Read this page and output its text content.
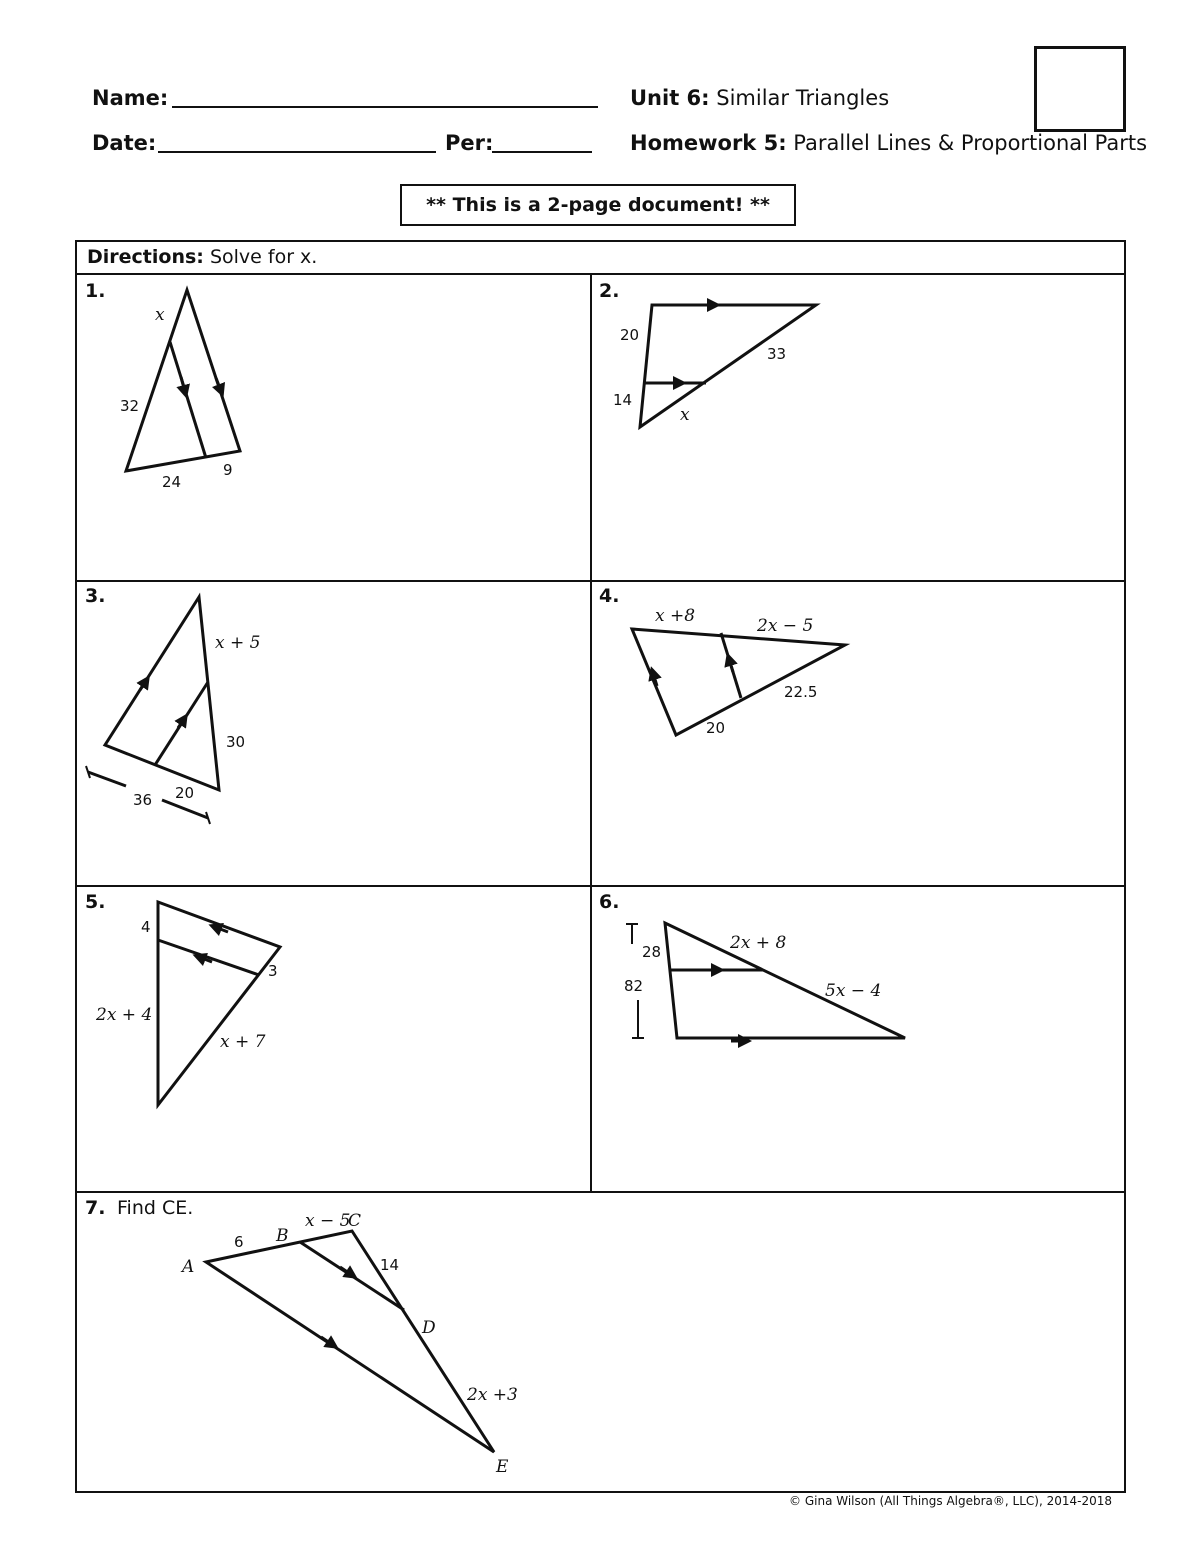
Name:
Date:	Per:
Unit 6: Similar Triangles
Homework 5: Parallel Lines & Proportional Parts
** This is a 2-page document! **
Directions: Solve for x.
1.	2.
3.	4.
5.	6.
7. Find CE.
x
32
24
9
20
33
14
x
x + 5
30
36 20
x +8	2x − 5
22.5
20
4
3
2x + 4
x + 7
28
82
2x + 8
5x − 4
6 B
x − 5
C
A	14
D
2x +3
E
© Gina Wilson (All Things Algebra®, LLC), 2014-2018
